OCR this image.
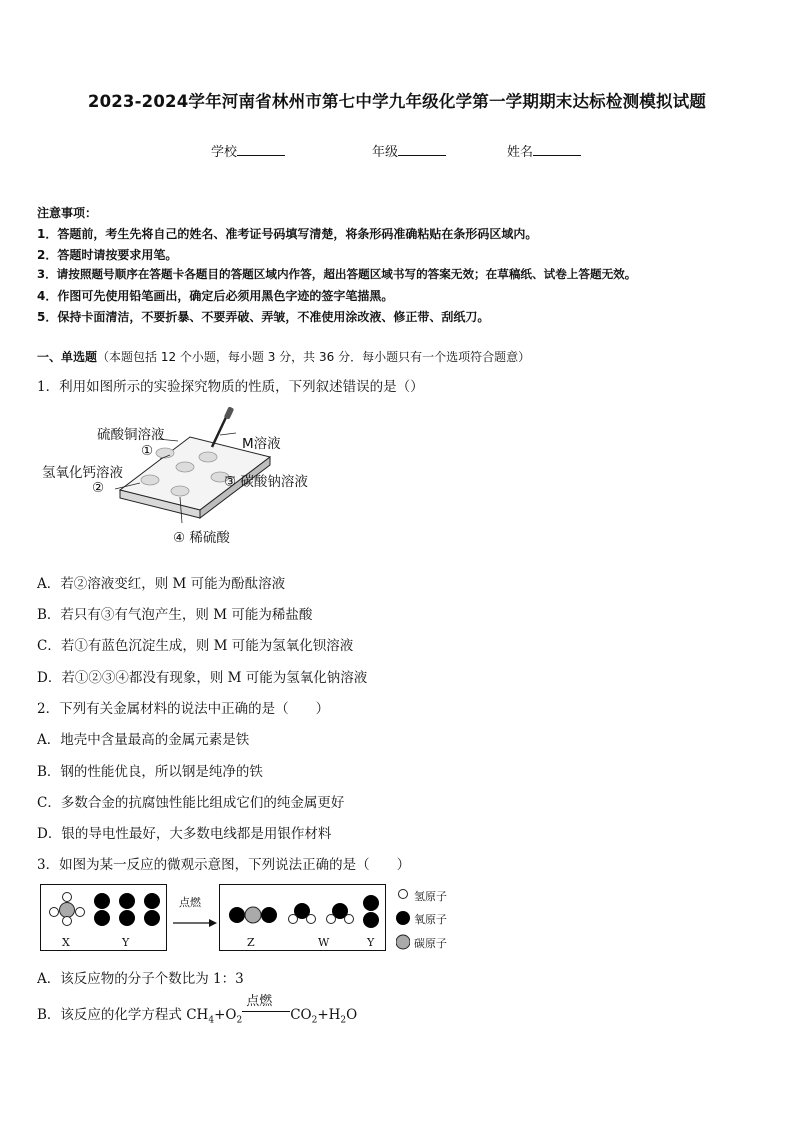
2023-2024学年河南省林州市第七中学九年级化学第一学期期末达标检测模拟试题
学校	年级	姓名
注意事项：
1．答题前，考生先将自己的姓名、准考证号码填写清楚，将条形码准确粘贴在条形码区域内。
2．答题时请按要求用笔。
3．请按照题号顺序在答题卡各题目的答题区域内作答，超出答题区域书写的答案无效；在草稿纸、试卷上答题无效。
4．作图可先使用铅笔画出，确定后必须用黑色字迹的签字笔描黑。
5．保持卡面清洁，不要折暴、不要弄破、弄皱，不准使用涂改液、修正带、刮纸刀。
一、单选题（本题包括 12 个小题，每小题 3 分，共 36 分．每小题只有一个选项符合题意）
1．利用如图所示的实验探究物质的性质，下列叙述错误的是（）
硫酸铜溶液
①	M溶液
氢氧化钙溶液
②	③ 碳酸钠溶液
④ 稀硫酸
A．若②溶液变红，则 M 可能为酚酞溶液
B．若只有③有气泡产生，则 M 可能为稀盐酸
C．若①有蓝色沉淀生成，则 M 可能为氢氧化钡溶液
D．若①②③④都没有现象，则 M 可能为氢氧化钠溶液
2．下列有关金属材料的说法中正确的是（　　）
A．地壳中含量最高的金属元素是铁
B．钢的性能优良，所以钢是纯净的铁
C．多数合金的抗腐蚀性能比组成它们的纯金属更好
D．银的导电性最好，大多数电线都是用银作材料
3．如图为某一反应的微观示意图，下列说法正确的是（　　）
X	Y
点燃
Z	W	Y
氢原子
氧原子
碳原子
A．该反应物的分子个数比为 1：3
B．该反应的化学方程式 $CH_4+O_2$
点燃
$CO_2+H_2O$
